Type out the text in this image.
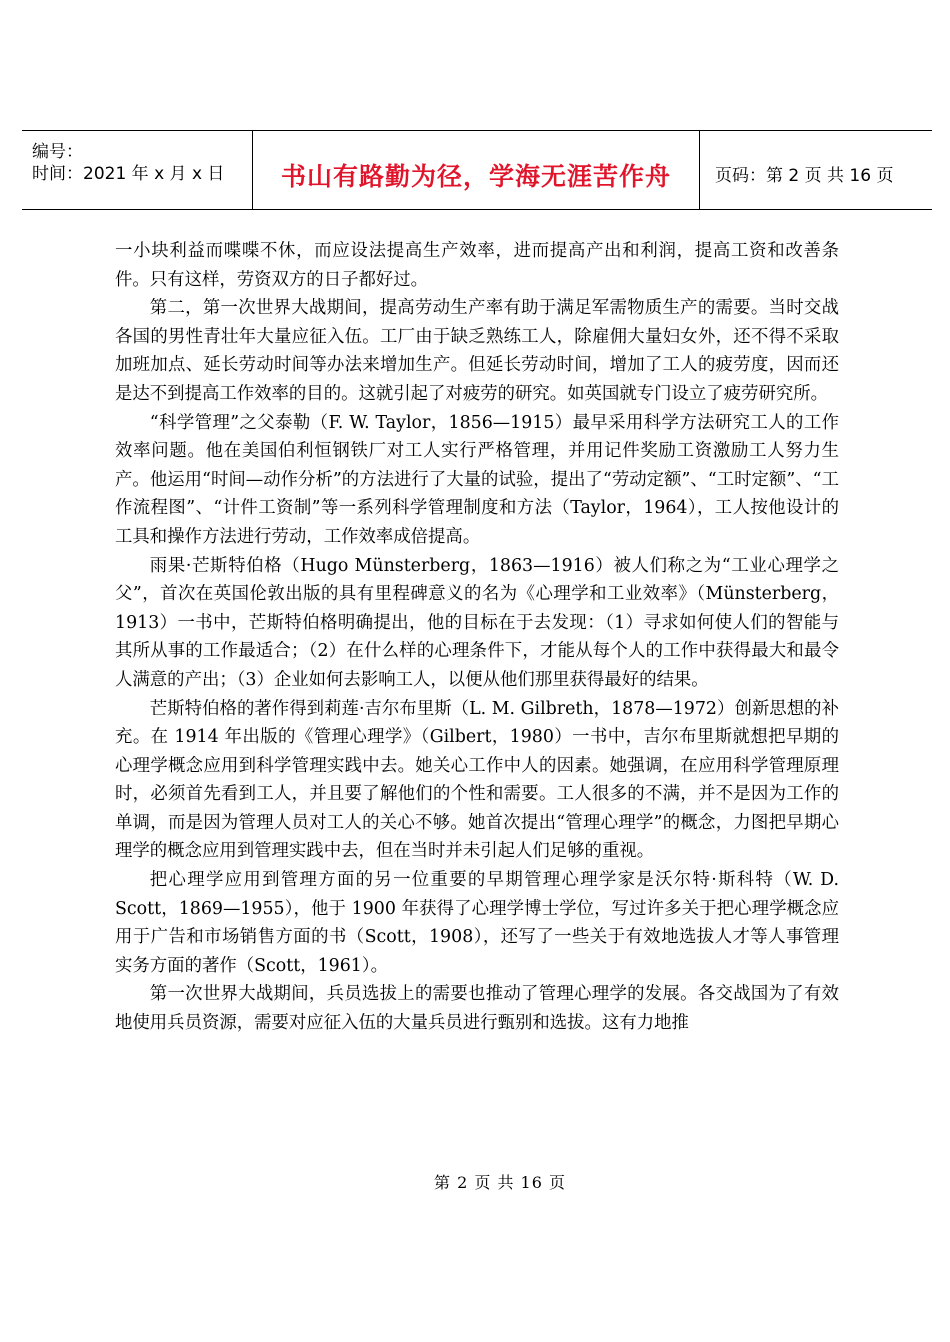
编号：
时间：2021 年 x 月 x 日	书山有路勤为径，学海无涯苦作舟	页码：第 2 页 共 16 页

一小块利益而喋喋不休，而应设法提高生产效率，进而提高产出和利润，提高工资和改善条件。只有这样，劳资双方的日子都好过。

第二，第一次世界大战期间，提高劳动生产率有助于满足军需物质生产的需要。当时交战各国的男性青壮年大量应征入伍。工厂由于缺乏熟练工人，除雇佣大量妇女外，还不得不采取加班加点、延长劳动时间等办法来增加生产。但延长劳动时间，增加了工人的疲劳度，因而还是达不到提高工作效率的目的。这就引起了对疲劳的研究。如英国就专门设立了疲劳研究所。

“科学管理”之父泰勒（F. W. Taylor，1856—1915）最早采用科学方法研究工人的工作效率问题。他在美国伯利恒钢铁厂对工人实行严格管理，并用记件奖励工资激励工人努力生产。他运用“时间—动作分析”的方法进行了大量的试验，提出了“劳动定额”、“工时定额”、“工作流程图”、“计件工资制”等一系列科学管理制度和方法（Taylor，1964），工人按他设计的工具和操作方法进行劳动，工作效率成倍提高。

雨果·芒斯特伯格（Hugo Münsterberg，1863—1916）被人们称之为“工业心理学之父”，首次在英国伦敦出版的具有里程碑意义的名为《心理学和工业效率》（Münsterberg，1913）一书中，芒斯特伯格明确提出，他的目标在于去发现：（1）寻求如何使人们的智能与其所从事的工作最适合；（2）在什么样的心理条件下，才能从每个人的工作中获得最大和最令人满意的产出；（3）企业如何去影响工人，以便从他们那里获得最好的结果。

芒斯特伯格的著作得到莉莲·吉尔布里斯（L. M. Gilbreth，1878—1972）创新思想的补充。在 1914 年出版的《管理心理学》（Gilbert，1980）一书中，吉尔布里斯就想把早期的心理学概念应用到科学管理实践中去。她关心工作中人的因素。她强调，在应用科学管理原理时，必须首先看到工人，并且要了解他们的个性和需要。工人很多的不满，并不是因为工作的单调，而是因为管理人员对工人的关心不够。她首次提出“管理心理学”的概念，力图把早期心理学的概念应用到管理实践中去，但在当时并未引起人们足够的重视。

把心理学应用到管理方面的另一位重要的早期管理心理学家是沃尔特·斯科特（W. D. Scott，1869—1955），他于 1900 年获得了心理学博士学位，写过许多关于把心理学概念应用于广告和市场销售方面的书（Scott，1908），还写了一些关于有效地选拔人才等人事管理实务方面的著作（Scott，1961）。

第一次世界大战期间，兵员选拔上的需要也推动了管理心理学的发展。各交战国为了有效地使用兵员资源，需要对应征入伍的大量兵员进行甄别和选拔。这有力地推

第 2 页 共 16 页
